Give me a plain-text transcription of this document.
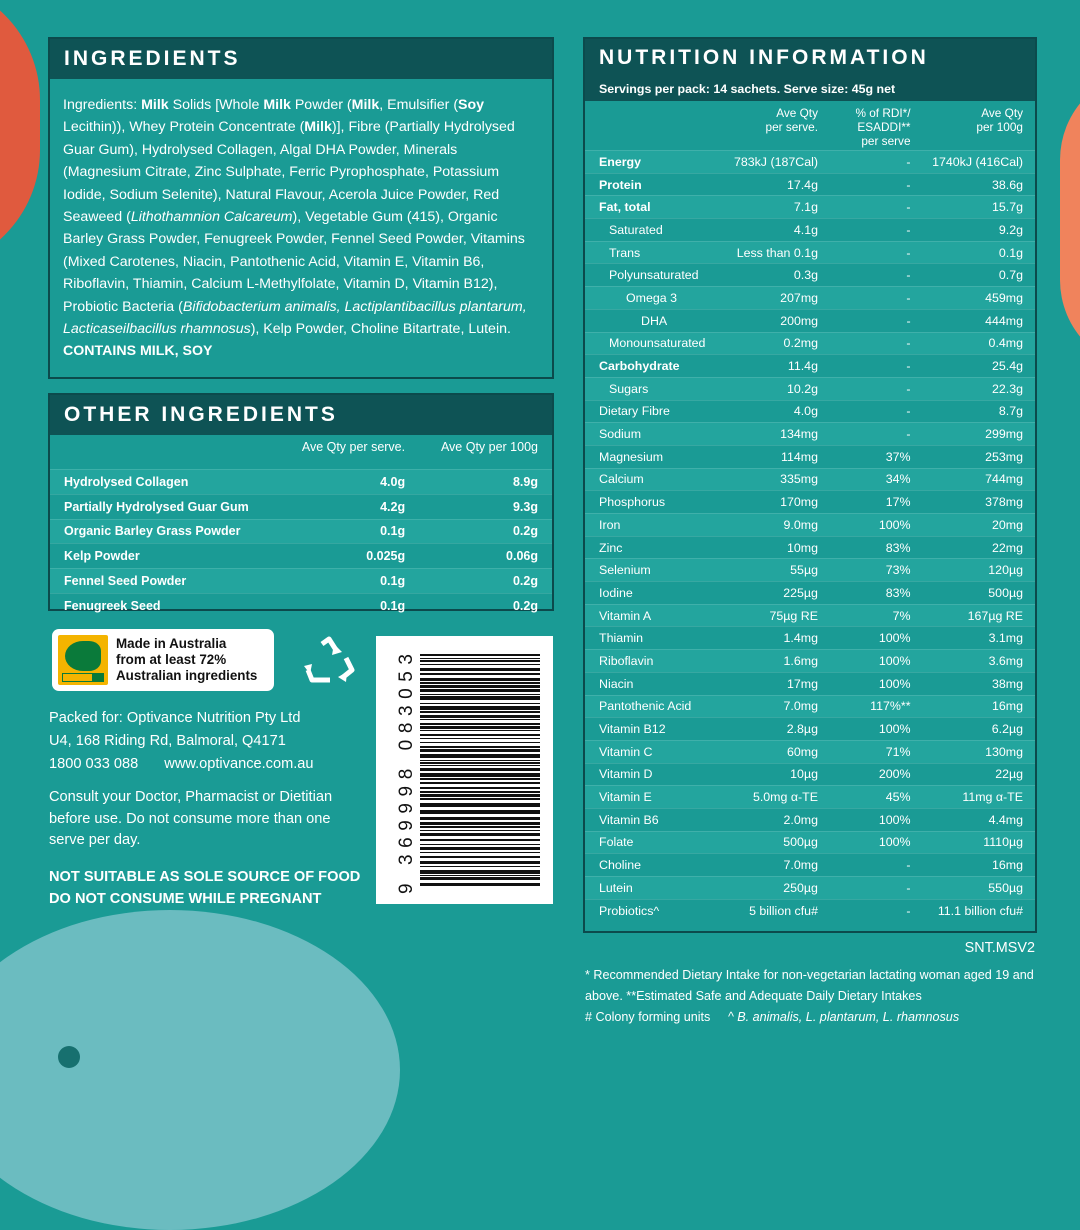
INGREDIENTS
Ingredients: Milk Solids [Whole Milk Powder (Milk, Emulsifier (Soy Lecithin)), Whey Protein Concentrate (Milk)], Fibre (Partially Hydrolysed Guar Gum), Hydrolysed Collagen, Algal DHA Powder, Minerals (Magnesium Citrate, Zinc Sulphate, Ferric Pyrophosphate, Potassium Iodide, Sodium Selenite), Natural Flavour, Acerola Juice Powder, Red Seaweed (Lithothamnion Calcareum), Vegetable Gum (415), Organic Barley Grass Powder, Fenugreek Powder, Fennel Seed Powder, Vitamins (Mixed Carotenes, Niacin, Pantothenic Acid, Vitamin E, Vitamin B6, Riboflavin, Thiamin, Calcium L-Methylfolate, Vitamin D, Vitamin B12), Probiotic Bacteria (Bifidobacterium animalis, Lactiplantibacillus plantarum, Lacticaseilbacillus rhamnosus), Kelp Powder, Choline Bitartrate, Lutein.
CONTAINS MILK, SOY
OTHER INGREDIENTS
Ave Qty per serve.	Ave Qty per 100g
Hydrolysed Collagen	4.0g	8.9g
Partially Hydrolysed Guar Gum	4.2g	9.3g
Organic Barley Grass Powder	0.1g	0.2g
Kelp Powder	0.025g	0.06g
Fennel Seed Powder	0.1g	0.2g
Fenugreek Seed	0.1g	0.2g
Made in Australia
from at least 72%
Australian ingredients
9 369998 083053
Packed for: Optivance Nutrition Pty Ltd
U4, 168 Riding Rd, Balmoral, Q4171
1800 033 088 www.optivance.com.au
Consult your Doctor, Pharmacist or Dietitian before use. Do not consume more than one serve per day.
NOT SUITABLE AS SOLE SOURCE OF FOOD
DO NOT CONSUME WHILE PREGNANT
NUTRITION INFORMATION
Servings per pack: 14 sachets. Serve size: 45g net
Ave Qty
per serve.
% of RDI*/
ESADDI**
per serve
Ave Qty
per 100g
Energy	783kJ (187Cal)	-	1740kJ (416Cal)
Protein	17.4g	-	38.6g
Fat, total	7.1g	-	15.7g
Saturated	4.1g	-	9.2g
Trans	Less than 0.1g	-	0.1g
Polyunsaturated	0.3g	-	0.7g
Omega 3	207mg	-	459mg
DHA	200mg	-	444mg
Monounsaturated	0.2mg	-	0.4mg
Carbohydrate	11.4g	-	25.4g
Sugars	10.2g	-	22.3g
Dietary Fibre	4.0g	-	8.7g
Sodium	134mg	-	299mg
Magnesium	114mg	37%	253mg
Calcium	335mg	34%	744mg
Phosphorus	170mg	17%	378mg
Iron	9.0mg	100%	20mg
Zinc	10mg	83%	22mg
Selenium	55µg	73%	120µg
Iodine	225µg	83%	500µg
Vitamin A	75µg RE	7%	167µg RE
Thiamin	1.4mg	100%	3.1mg
Riboflavin	1.6mg	100%	3.6mg
Niacin	17mg	100%	38mg
Pantothenic Acid	7.0mg	117%**	16mg
Vitamin B12	2.8µg	100%	6.2µg
Vitamin C	60mg	71%	130mg
Vitamin D	10µg	200%	22µg
Vitamin E	5.0mg α-TE	45%	11mg α-TE
Vitamin B6	2.0mg	100%	4.4mg
Folate	500µg	100%	1110µg
Choline	7.0mg	-	16mg
Lutein	250µg	-	550µg
Probiotics^	5 billion cfu#	-	11.1 billion cfu#
SNT.MSV2
* Recommended Dietary Intake for non-vegetarian lactating woman aged 19 and above. **Estimated Safe and Adequate Daily Dietary Intakes
# Colony forming units ^ B. animalis, L. plantarum, L. rhamnosus
